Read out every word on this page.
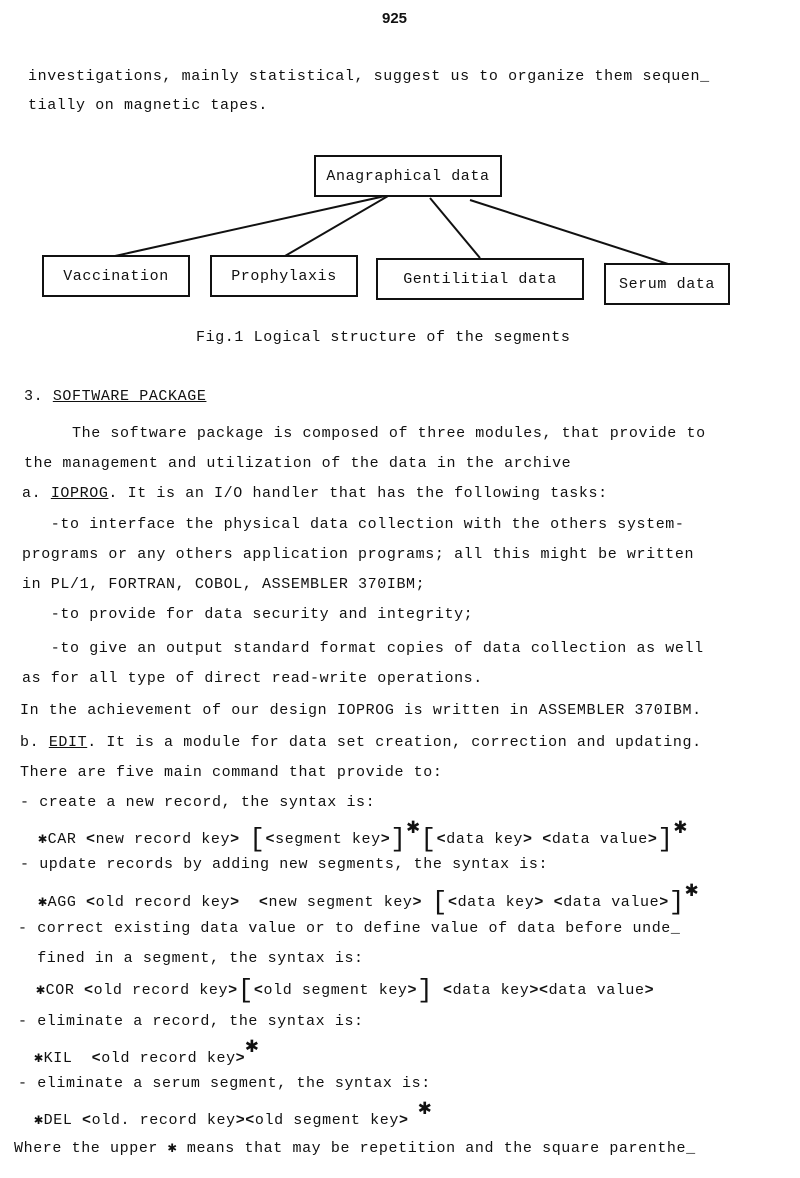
925
investigations, mainly statistical, suggest us to organize them sequen_
tially on magnetic tapes.
Anagraphical data
Vaccination	Prophylaxis	Gentilitial data	Serum data
Fig.1 Logical structure of the segments
3. SOFTWARE PACKAGE
The software package is composed of three modules, that provide to
the management and utilization of the data in the archive
a. IOPROG. It is an I/O handler that has the following tasks:
-to interface the physical data collection with the others system-
programs or any others application programs; all this might be written
in PL/1, FORTRAN, COBOL, ASSEMBLER 370IBM;
-to provide for data security and integrity;
-to give an output standard format copies of data collection as well
as for all type of direct read-write operations.
In the achievement of our design IOPROG is written in ASSEMBLER 370IBM.
b. EDIT. It is a module for data set creation, correction and updating.
There are five main command that provide to:
- create a new record, the syntax is:
✱CAR <new record key> [<segment key>]✱[<data key> <data value>]✱
- update records by adding new segments, the syntax is:
✱AGG <old record key> <new segment key> [<data key> <data value>]✱
- correct existing data value or to define value of data before unde_
fined in a segment, the syntax is:
✱COR <old record key>[<old segment key>] <data key><data value>
- eliminate a record, the syntax is:
✱KIL <old record key>✱
- eliminate a serum segment, the syntax is:
✱DEL <old. record key><old segment key> ✱
Where the upper ✱ means that may be repetition and the square parenthe_
